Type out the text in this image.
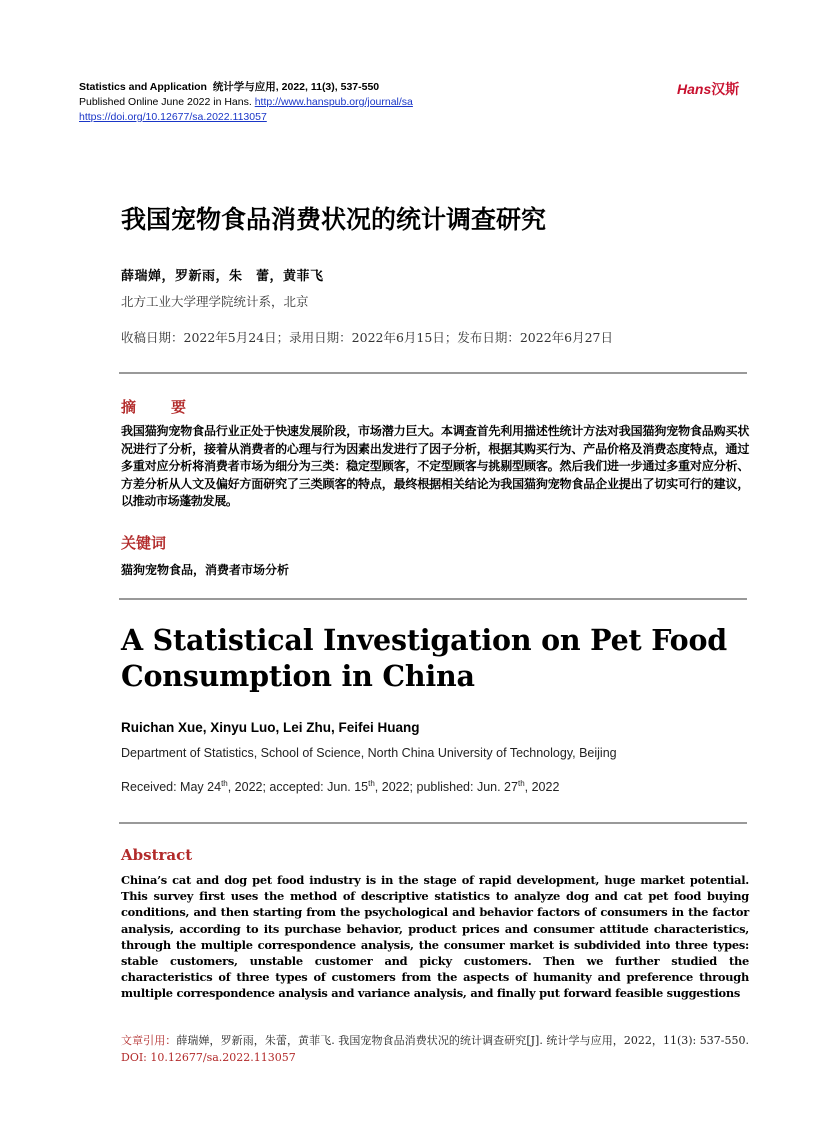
Statistics and Application 统计学与应用, 2022, 11(3), 537-550
Published Online June 2022 in Hans. http://www.hanspub.org/journal/sa
https://doi.org/10.12677/sa.2022.113057
Hans汉斯
我国宠物食品消费状况的统计调查研究
薛瑞婵，罗新雨，朱　蕾，黄菲飞
北方工业大学理学院统计系，北京
收稿日期：2022年5月24日；录用日期：2022年6月15日；发布日期：2022年6月27日
摘　要
我国猫狗宠物食品行业正处于快速发展阶段，市场潜力巨大。本调查首先利用描述性统计方法对我国猫狗宠物食品购买状况进行了分析，接着从消费者的心理与行为因素出发进行了因子分析，根据其购买行为、产品价格及消费态度特点，通过多重对应分析将消费者市场为细分为三类：稳定型顾客，不定型顾客与挑剔型顾客。然后我们进一步通过多重对应分析、方差分析从人文及偏好方面研究了三类顾客的特点，最终根据相关结论为我国猫狗宠物食品企业提出了切实可行的建议，以推动市场蓬勃发展。
关键词
猫狗宠物食品，消费者市场分析
A Statistical Investigation on Pet Food Consumption in China
Ruichan Xue, Xinyu Luo, Lei Zhu, Feifei Huang
Department of Statistics, School of Science, North China University of Technology, Beijing
Received: May 24th, 2022; accepted: Jun. 15th, 2022; published: Jun. 27th, 2022
Abstract
China’s cat and dog pet food industry is in the stage of rapid development, huge market potential. This survey first uses the method of descriptive statistics to analyze dog and cat pet food buying conditions, and then starting from the psychological and behavior factors of consumers in the factor analysis, according to its purchase behavior, product prices and consumer attitude characteristics, through the multiple correspondence analysis, the consumer market is subdivided into three types: stable customers, unstable customer and picky customers. Then we further studied the characteristics of three types of customers from the aspects of humanity and preference through multiple correspondence analysis and variance analysis, and finally put forward feasible suggestions
文章引用：薛瑞婵，罗新雨，朱蕾，黄菲飞. 我国宠物食品消费状况的统计调查研究[J]. 统计学与应用，2022，11(3): 537-550. DOI: 10.12677/sa.2022.113057
